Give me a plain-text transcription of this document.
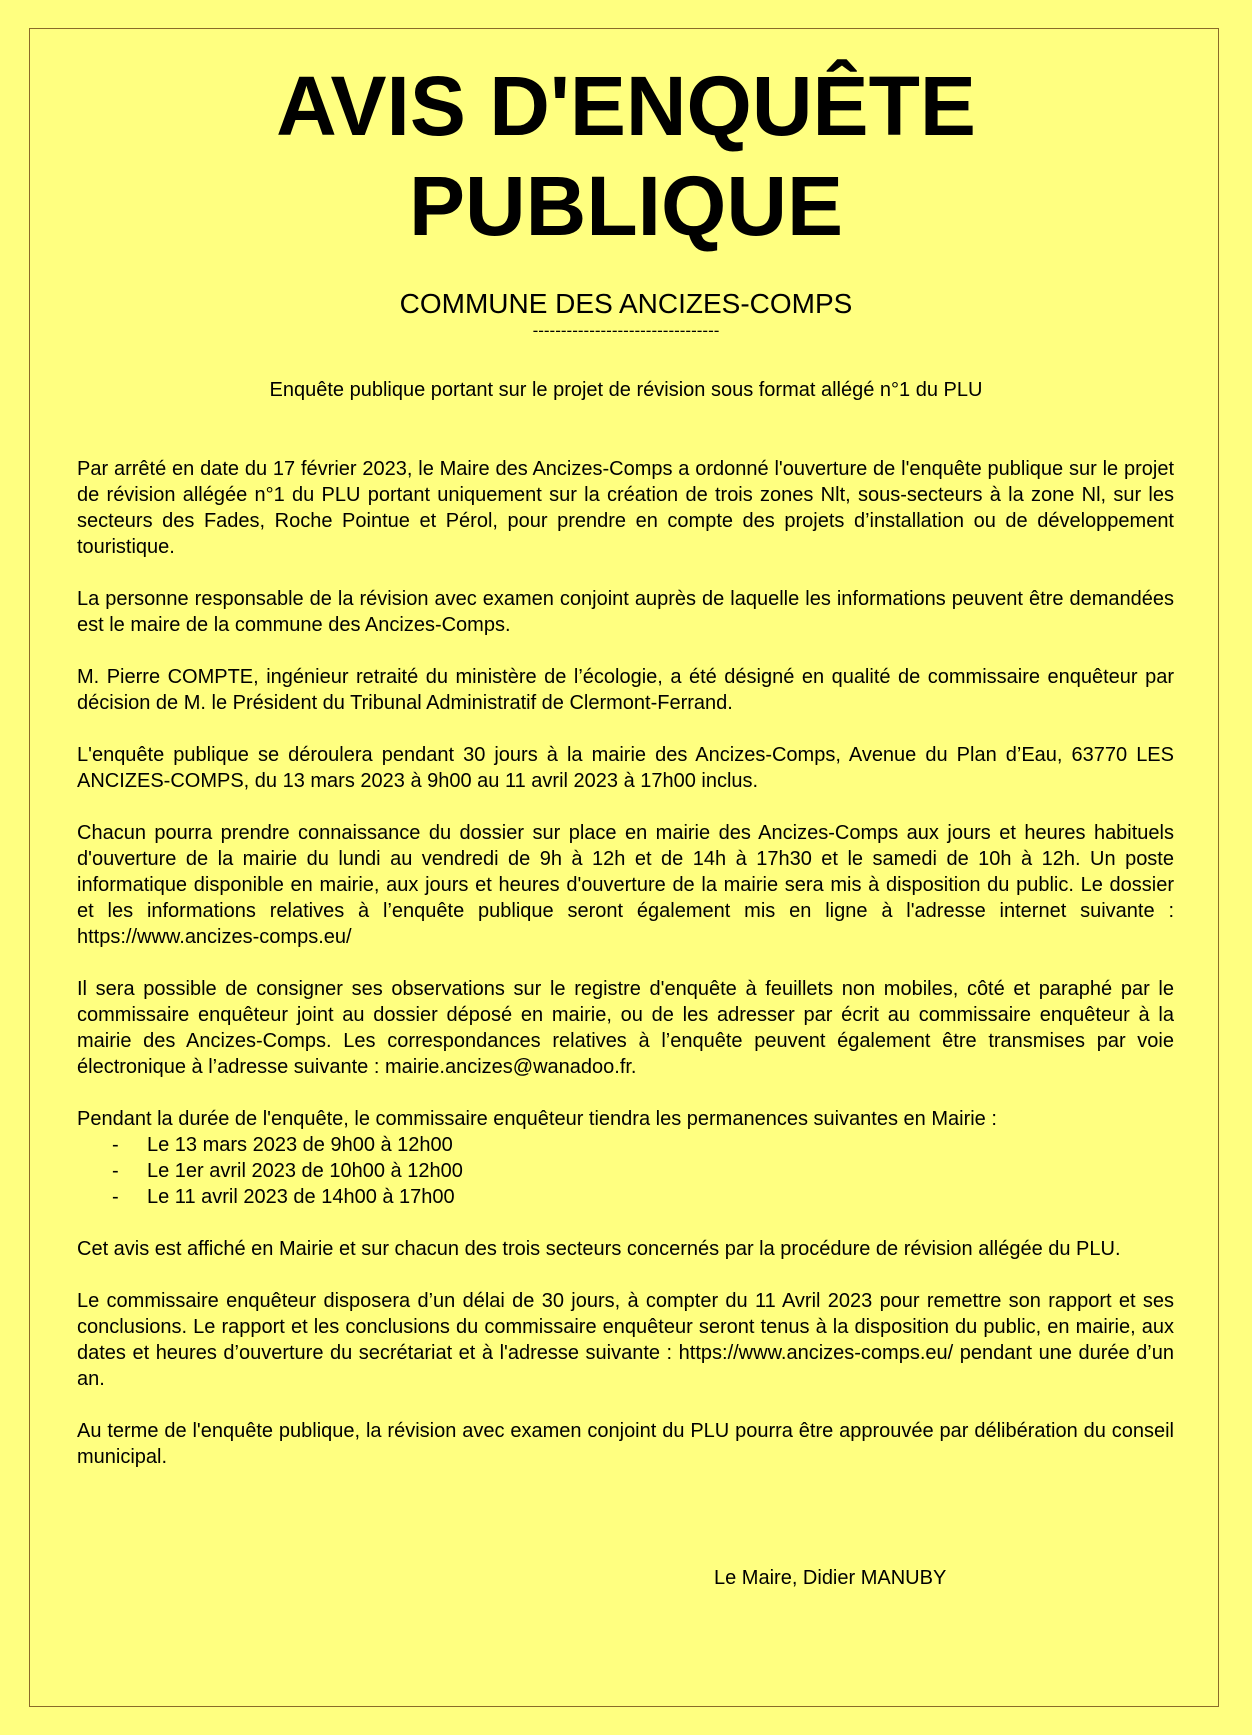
AVIS D'ENQUÊTE
PUBLIQUE
COMMUNE DES ANCIZES-COMPS
---------------------------------
Enquête publique portant sur le projet de révision sous format allégé n°1 du PLU

Par arrêté en date du 17 février 2023, le Maire des Ancizes-Comps a ordonné l'ouverture de l'enquête publique sur le projet de révision allégée n°1 du PLU portant uniquement sur la création de trois zones Nlt, sous-secteurs à la zone Nl, sur les secteurs des Fades, Roche Pointue et Pérol, pour prendre en compte des projets d’installation ou de développement touristique.

La personne responsable de la révision avec examen conjoint auprès de laquelle les informations peuvent être demandées est le maire de la commune des Ancizes-Comps.

M. Pierre COMPTE, ingénieur retraité du ministère de l’écologie, a été désigné en qualité de commissaire enquêteur par décision de M. le Président du Tribunal Administratif de Clermont-Ferrand.

L'enquête publique se déroulera pendant 30 jours à la mairie des Ancizes-Comps, Avenue du Plan d’Eau, 63770 LES ANCIZES-COMPS, du 13 mars 2023 à 9h00 au 11 avril 2023 à 17h00 inclus.

Chacun pourra prendre connaissance du dossier sur place en mairie des Ancizes-Comps aux jours et heures habituels d'ouverture de la mairie du lundi au vendredi de 9h à 12h et de 14h à 17h30 et le samedi de 10h à 12h. Un poste informatique disponible en mairie, aux jours et heures d'ouverture de la mairie sera mis à disposition du public. Le dossier et les informations relatives à l’enquête publique seront également mis en ligne à l'adresse internet suivante : https://www.ancizes-comps.eu/

Il sera possible de consigner ses observations sur le registre d'enquête à feuillets non mobiles, côté et paraphé par le commissaire enquêteur joint au dossier déposé en mairie, ou de les adresser par écrit au commissaire enquêteur à la mairie des Ancizes-Comps. Les correspondances relatives à l’enquête peuvent également être transmises par voie électronique à l’adresse suivante : mairie.ancizes@wanadoo.fr.

Pendant la durée de l'enquête, le commissaire enquêteur tiendra les permanences suivantes en Mairie :

- Le 13 mars 2023 de 9h00 à 12h00
- Le 1er avril 2023 de 10h00 à 12h00
- Le 11 avril 2023 de 14h00 à 17h00

Cet avis est affiché en Mairie et sur chacun des trois secteurs concernés par la procédure de révision allégée du PLU.

Le commissaire enquêteur disposera d’un délai de 30 jours, à compter du 11 Avril 2023 pour remettre son rapport et ses conclusions. Le rapport et les conclusions du commissaire enquêteur seront tenus à la disposition du public, en mairie, aux dates et heures d’ouverture du secrétariat et à l'adresse suivante : https://www.ancizes-comps.eu/ pendant une durée d’un an.

Au terme de l'enquête publique, la révision avec examen conjoint du PLU pourra être approuvée par délibération du conseil municipal.

Le Maire, Didier MANUBY
